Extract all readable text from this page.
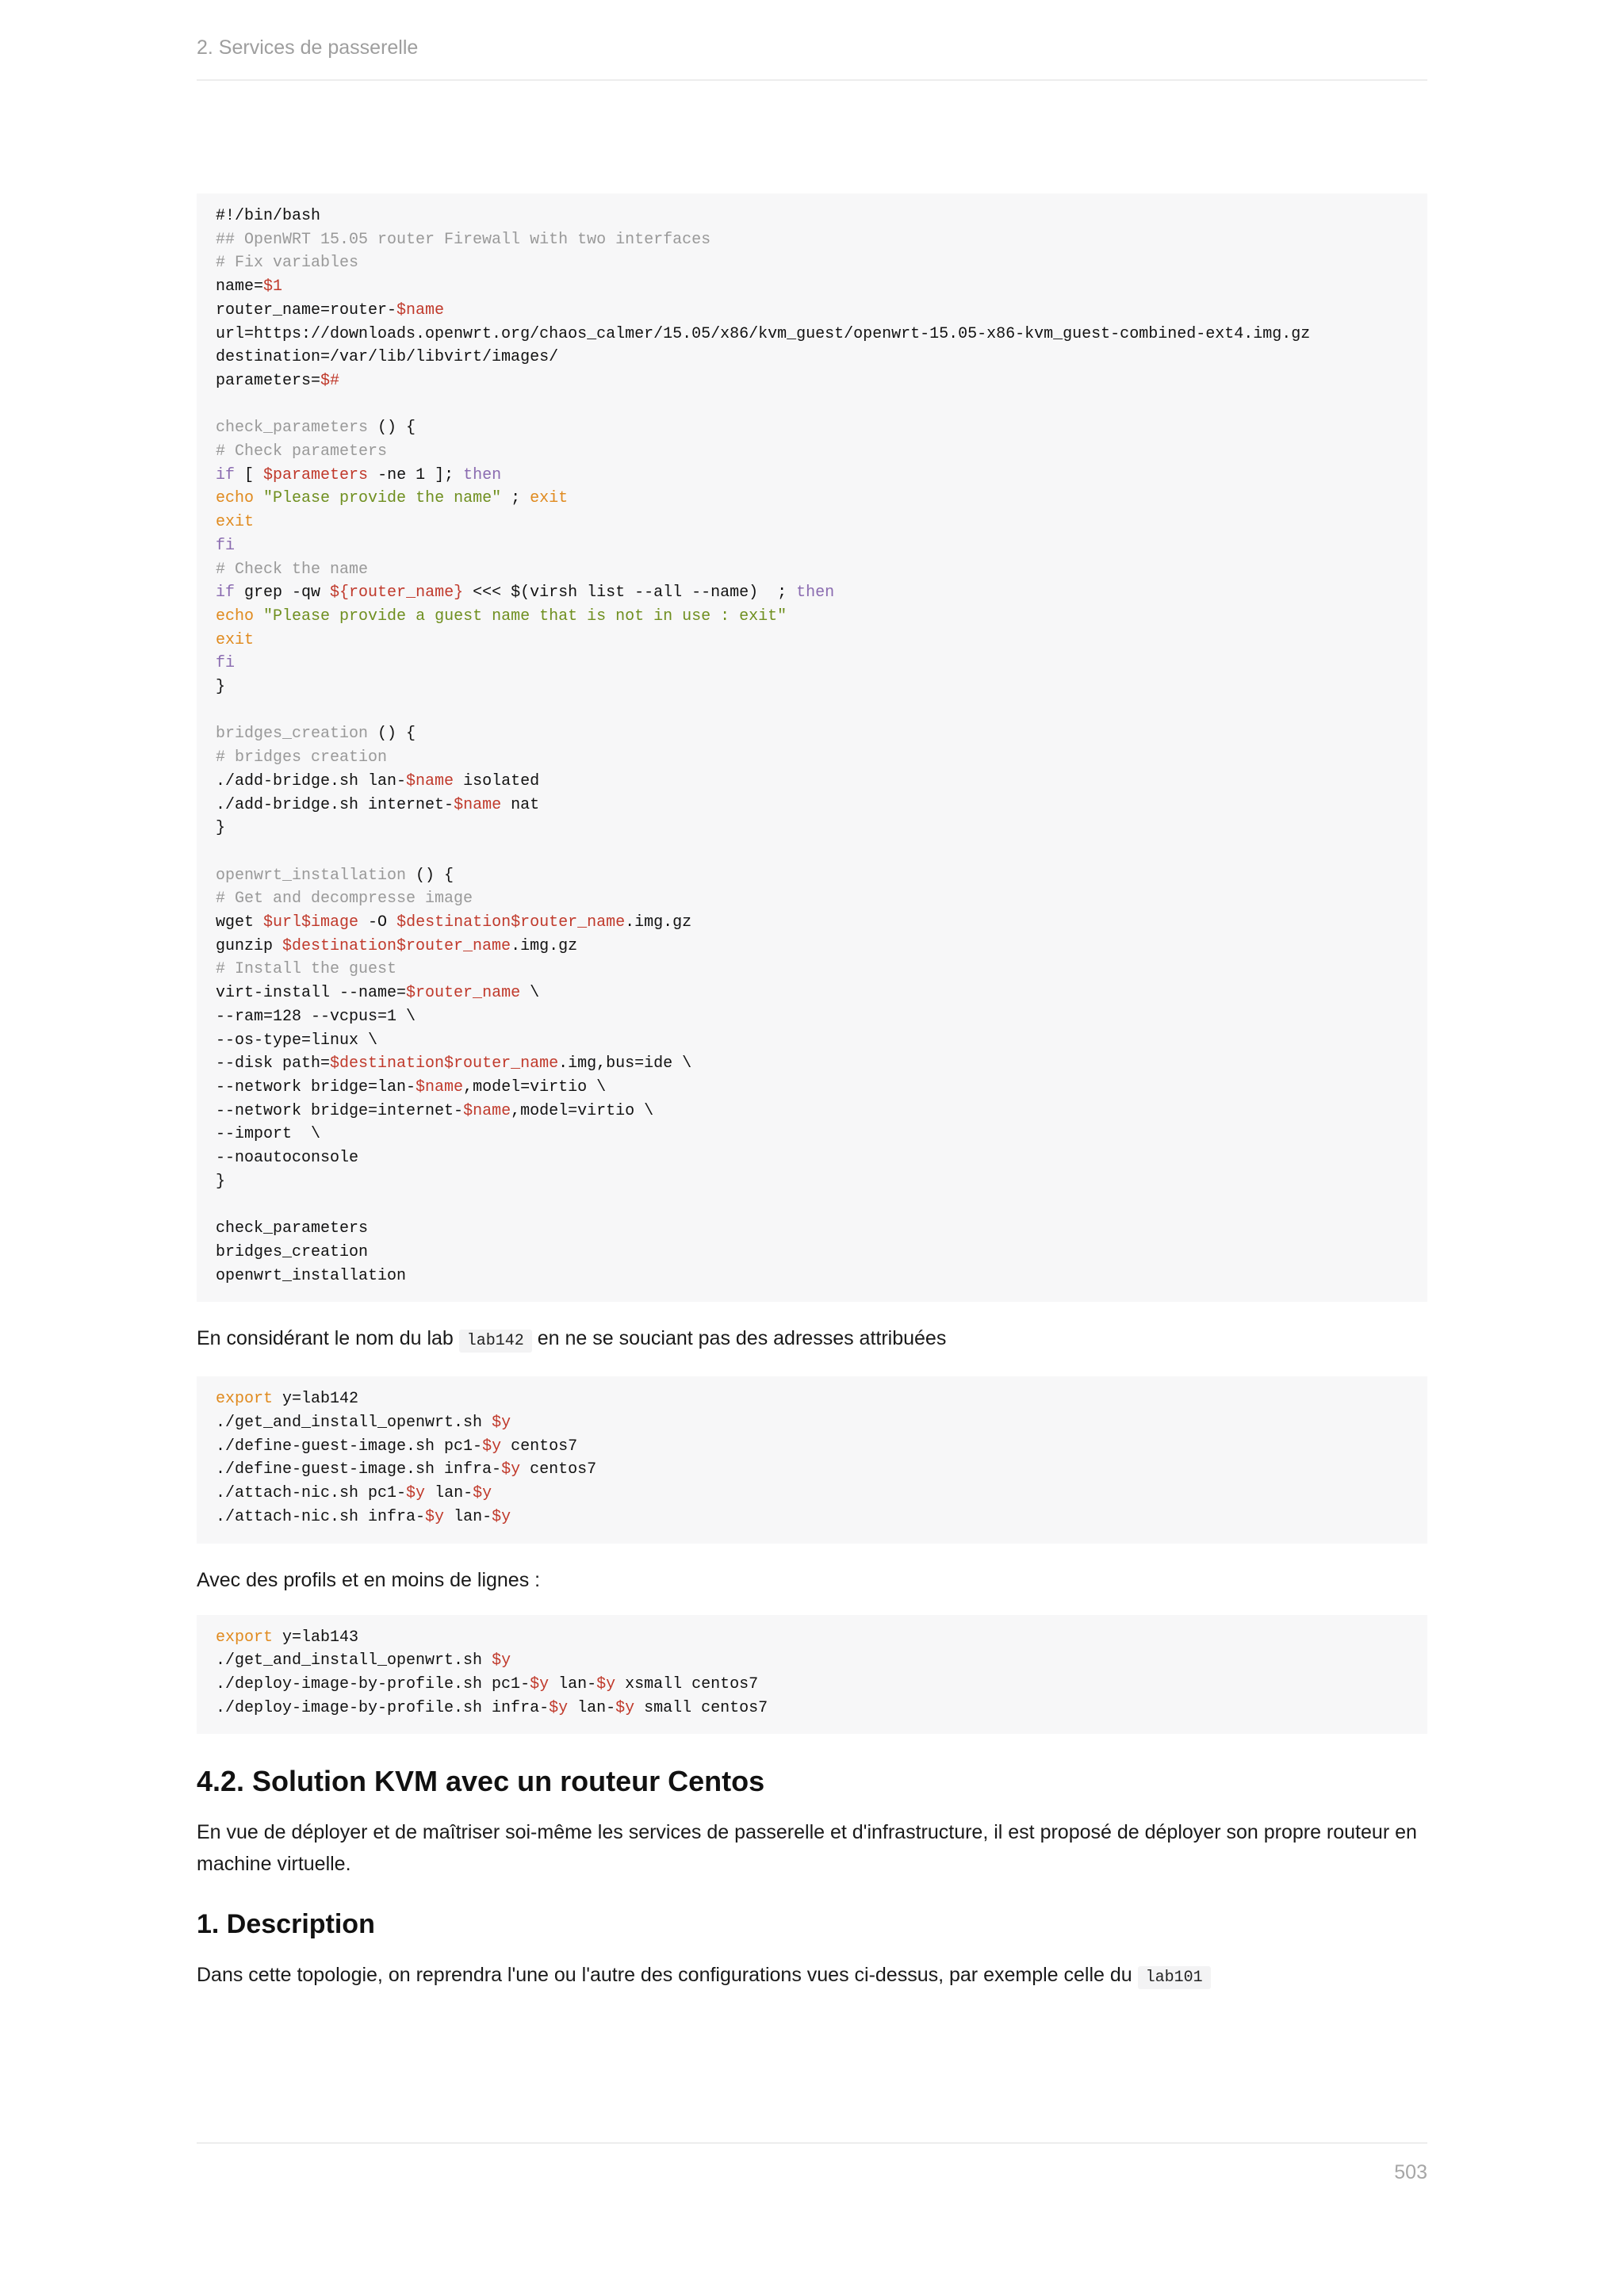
2. Services de passerelle
#!/bin/bash
## OpenWRT 15.05 router Firewall with two interfaces
# Fix variables
name=$1
router_name=router-$name
url=https://downloads.openwrt.org/chaos_calmer/15.05/x86/kvm_guest/openwrt-15.05-x86-kvm_guest-combined-ext4.img.gz
destination=/var/lib/libvirt/images/
parameters=$#
check_parameters () {
# Check parameters
if [ $parameters -ne 1 ]; then
echo "Please provide the name" ; exit
exit
fi
# Check the name
if grep -qw ${router_name} <<< $(virsh list --all --name)  ; then
echo "Please provide a guest name that is not in use : exit"
exit
fi
}
bridges_creation () {
# bridges creation
./add-bridge.sh lan-$name isolated
./add-bridge.sh internet-$name nat
}
openwrt_installation () {
# Get and decompresse image
wget $url$image -O $destination$router_name.img.gz
gunzip $destination$router_name.img.gz
# Install the guest
virt-install --name=$router_name \
--ram=128 --vcpus=1 \
--os-type=linux \
--disk path=$destination$router_name.img,bus=ide \
--network bridge=lan-$name,model=virtio \
--network bridge=internet-$name,model=virtio \
--import  \
--noautoconsole
}
check_parameters
bridges_creation
openwrt_installation

En considérant le nom du lab lab142 en ne se souciant pas des adresses attribuées

export y=lab142
./get_and_install_openwrt.sh $y
./define-guest-image.sh pc1-$y centos7
./define-guest-image.sh infra-$y centos7
./attach-nic.sh pc1-$y lan-$y
./attach-nic.sh infra-$y lan-$y

Avec des profils et en moins de lignes :

export y=lab143
./get_and_install_openwrt.sh $y
./deploy-image-by-profile.sh pc1-$y lan-$y xsmall centos7
./deploy-image-by-profile.sh infra-$y lan-$y small centos7
4.2. Solution KVM avec un routeur Centos

En vue de déployer et de maîtriser soi-même les services de passerelle et d'infrastructure, il est proposé de déployer son propre routeur en machine virtuelle.

1. Description

Dans cette topologie, on reprendra l'une ou l'autre des configurations vues ci-dessus, par exemple celle du lab101

503
